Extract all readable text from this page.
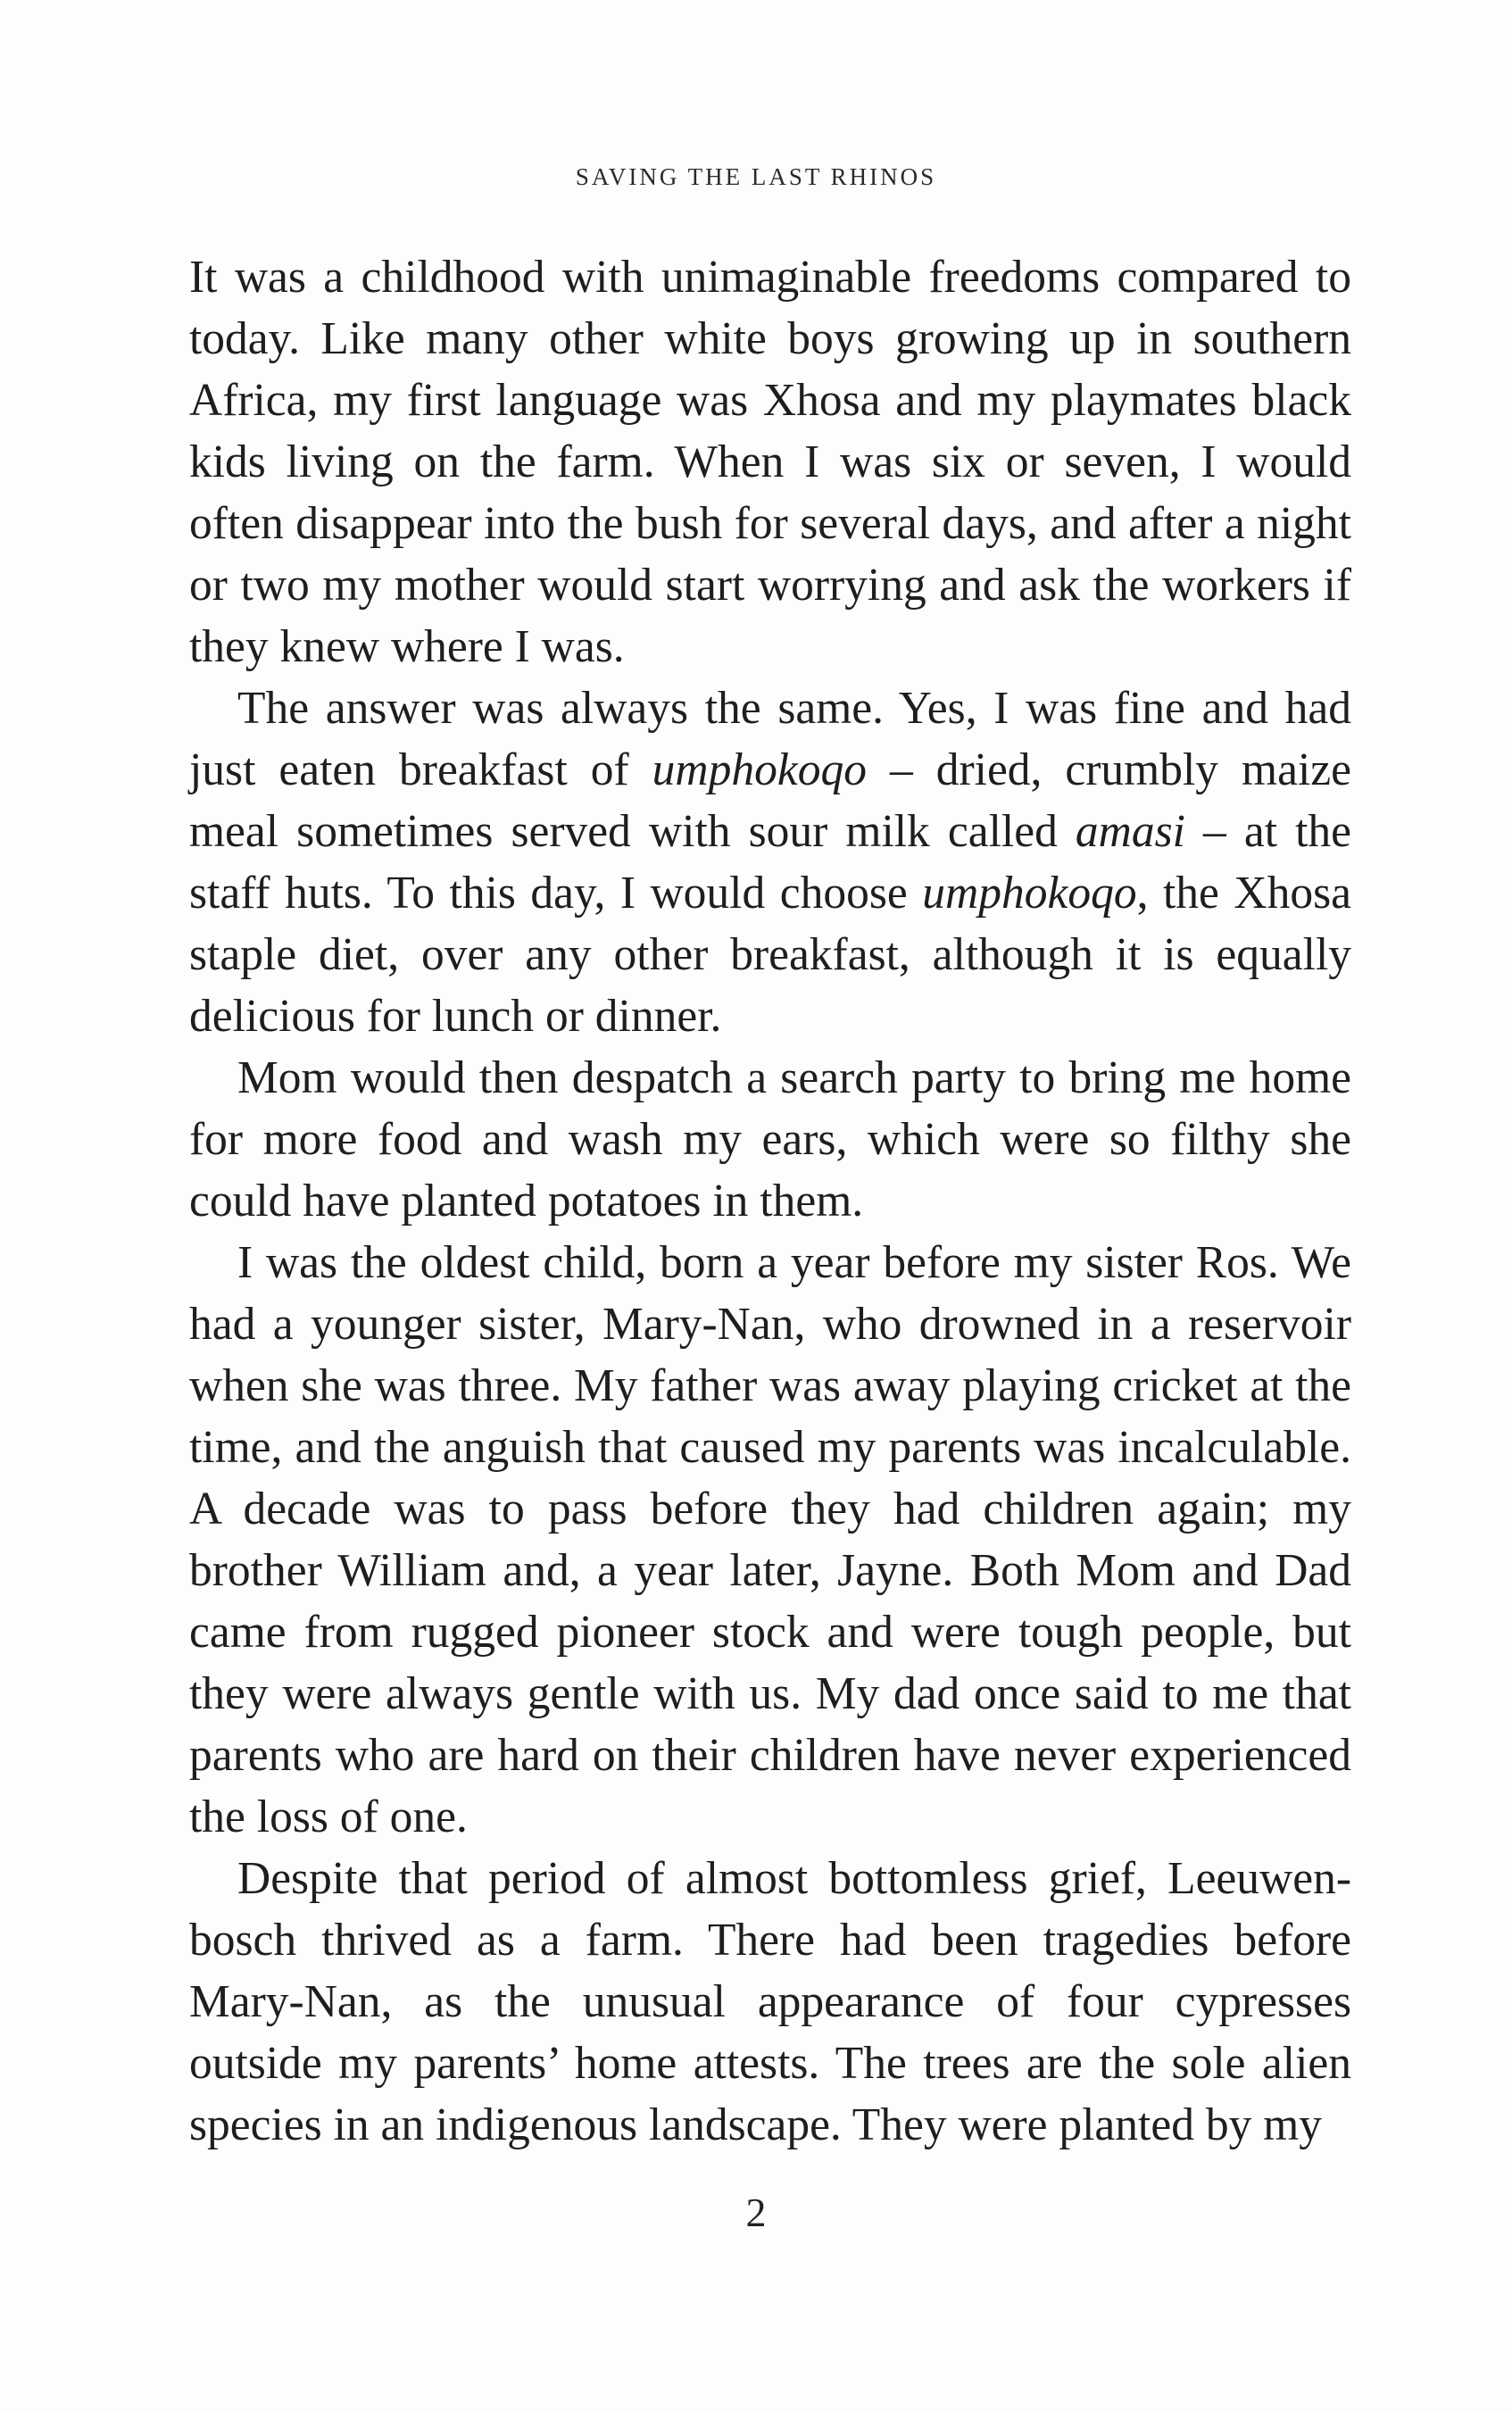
SAVING THE LAST RHINOS

It was a childhood with unimaginable freedoms compared to today. Like many other white boys growing up in southern Africa, my first language was Xhosa and my playmates black kids living on the farm. When I was six or seven, I would often disappear into the bush for several days, and after a night or two my mother would start worrying and ask the workers if they knew where I was.

The answer was always the same. Yes, I was fine and had just eaten breakfast of umphokoqo – dried, crumbly maize meal sometimes served with sour milk called amasi – at the staff huts. To this day, I would choose umphokoqo, the Xhosa staple diet, over any other breakfast, although it is equally delicious for lunch or dinner.

Mom would then despatch a search party to bring me home for more food and wash my ears, which were so filthy she could have planted potatoes in them.

I was the oldest child, born a year before my sister Ros. We had a younger sister, Mary-Nan, who drowned in a reservoir when she was three. My father was away playing cricket at the time, and the anguish that caused my parents was incalculable. A decade was to pass before they had children again; my brother William and, a year later, Jayne. Both Mom and Dad came from rugged pioneer stock and were tough people, but they were always gentle with us. My dad once said to me that parents who are hard on their children have never experienced the loss of one.

Despite that period of almost bottomless grief, Leeuwenbosch thrived as a farm. There had been tragedies before Mary-Nan, as the unusual appearance of four cypresses outside my parents’ home attests. The trees are the sole alien species in an indigenous landscape. They were planted by my

2
